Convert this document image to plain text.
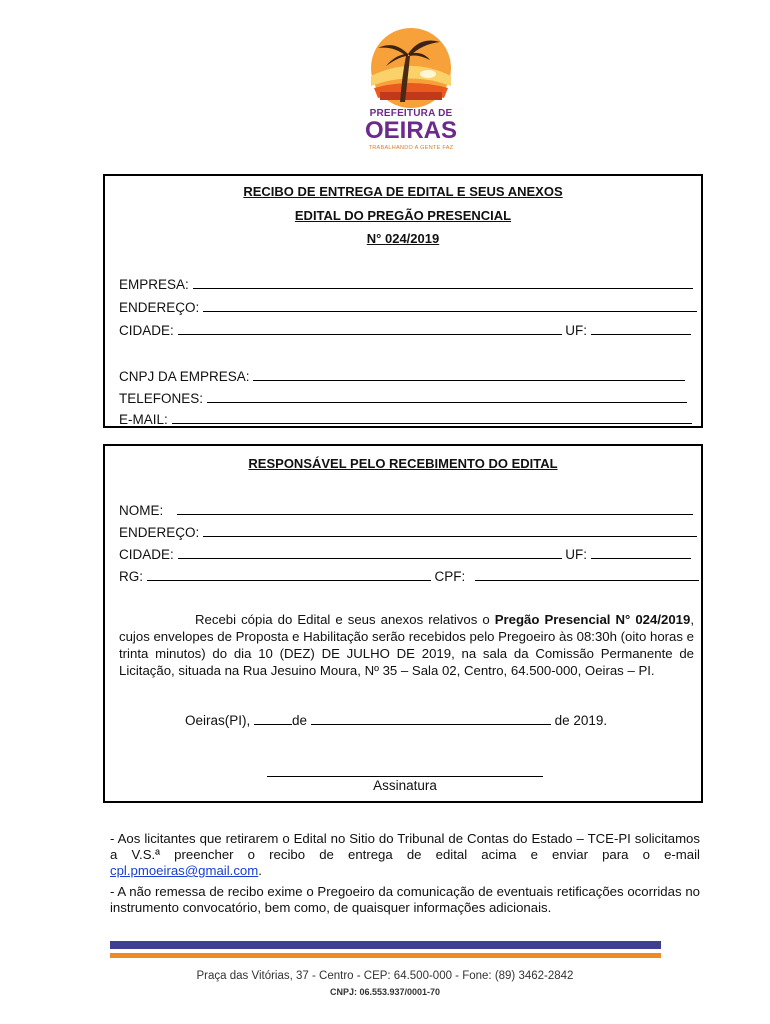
PREFEITURA DE
OEIRAS
TRABALHANDO A GENTE FAZ
RECIBO DE ENTREGA DE EDITAL E SEUS ANEXOS
EDITAL DO PREGÃO PRESENCIAL
N° 024/2019
EMPRESA:
ENDEREÇO:
CIDADE:	UF:
CNPJ DA EMPRESA:
TELEFONES:
E-MAIL:
RESPONSÁVEL PELO RECEBIMENTO DO EDITAL
NOME:
ENDEREÇO:
CIDADE:	UF:
RG:	CPF:
Recebi cópia do Edital e seus anexos relativos o Pregão Presencial N° 024/2019, cujos envelopes de Proposta e Habilitação serão recebidos pelo Pregoeiro às 08:30h (oito horas e trinta minutos) do dia 10 (DEZ) DE JULHO DE 2019, na sala da Comissão Permanente de Licitação, situada na Rua Jesuino Moura, Nº 35 – Sala 02, Centro, 64.500-000, Oeiras – PI.
Oeiras(PI),	de	de 2019.
Assinatura
- Aos licitantes que retirarem o Edital no Sitio do Tribunal de Contas do Estado – TCE-PI solicitamos a V.S.ª preencher o recibo de entrega de edital acima e enviar para o e-mail cpl.pmoeiras@gmail.com.
- A não remessa de recibo exime o Pregoeiro da comunicação de eventuais retificações ocorridas no instrumento convocatório, bem como, de quaisquer informações adicionais.
Praça das Vitórias, 37 - Centro - CEP: 64.500-000 - Fone: (89) 3462-2842
CNPJ: 06.553.937/0001-70
